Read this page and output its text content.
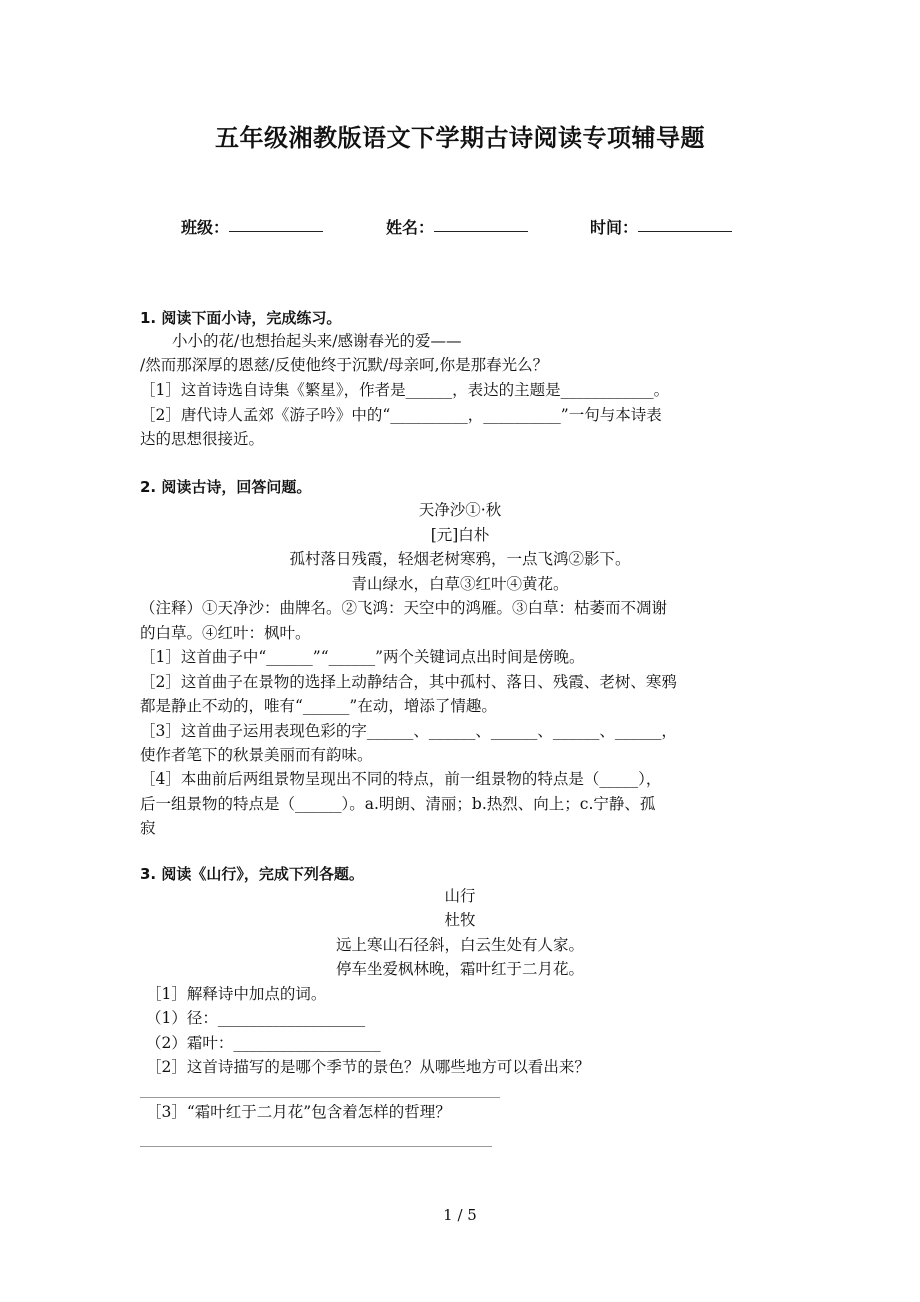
五年级湘教版语文下学期古诗阅读专项辅导题
班级：	姓名：	时间：
1. 阅读下面小诗，完成练习。
小小的花/也想抬起头来/感谢春光的爱——
/然而那深厚的恩慈/反使他终于沉默/母亲呵,你是那春光么？
［1］这首诗选自诗集《繁星》，作者是______，表达的主题是____________。
［2］唐代诗人孟郊《游子吟》中的“__________，__________”一句与本诗表
达的思想很接近。
2. 阅读古诗，回答问题。
天净沙①·秋
[元]白朴
孤村落日残霞，轻烟老树寒鸦，一点飞鸿②影下。
青山绿水，白草③红叶④黄花。
（注释）①天净沙：曲牌名。②飞鸿：天空中的鸿雁。③白草：枯萎而不凋谢
的白草。④红叶：枫叶。
［1］这首曲子中“______”“______”两个关键词点出时间是傍晚。
［2］这首曲子在景物的选择上动静结合，其中孤村、落日、残霞、老树、寒鸦
都是静止不动的，唯有“______”在动，增添了情趣。
［3］这首曲子运用表现色彩的字______、______、______、______、______，
使作者笔下的秋景美丽而有韵味。
［4］本曲前后两组景物呈现出不同的特点，前一组景物的特点是（_____），
后一组景物的特点是（______）。a.明朗、清丽；b.热烈、向上；c.宁静、孤
寂
3. 阅读《山行》，完成下列各题。
山行
杜牧
远上寒山石径斜，白云生处有人家。
停车坐爱枫林晚，霜叶红于二月花。
［1］解释诗中加点的词。
（1）径：___________________
（2）霜叶：___________________
［2］这首诗描写的是哪个季节的景色？从哪些地方可以看出来？
［3］“霜叶红于二月花”包含着怎样的哲理？
1 / 5
